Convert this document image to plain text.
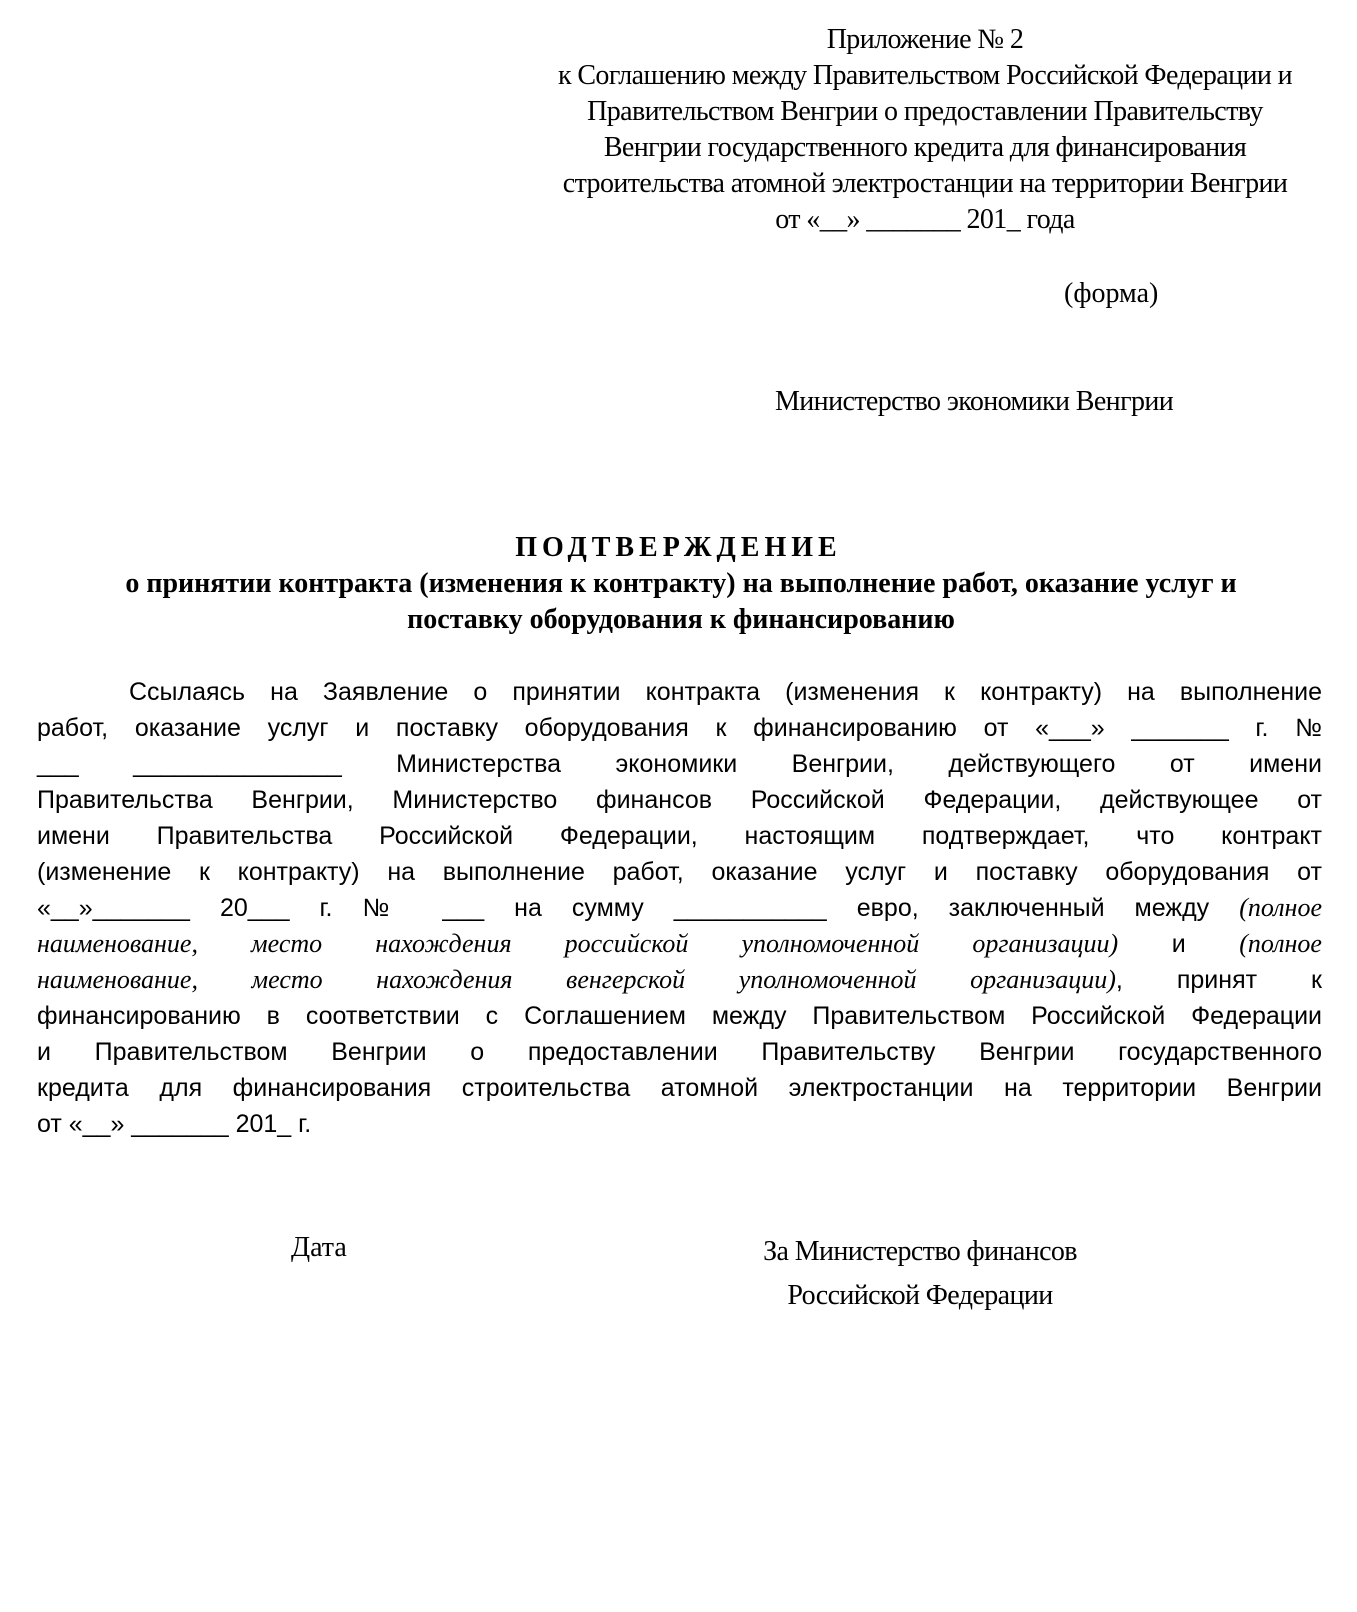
Приложение № 2
к Соглашению между Правительством Российской Федерации и
Правительством Венгрии о предоставлении Правительству
Венгрии государственного кредита для финансирования
строительства атомной электростанции на территории Венгрии
от «__» _______ 201_ года
(форма)
Министерство экономики Венгрии
ПОДТВЕРЖДЕНИЕ
о принятии контракта (изменения к контракту) на выполнение работ, оказание услуг и
поставку оборудования к финансированию
Ссылаясь на Заявление о принятии контракта (изменения к контракту) на выполнение
работ, оказание услуг и поставку оборудования к финансированию от «___» _______ г. №
___ _______________ Министерства экономики Венгрии, действующего от имени
Правительства Венгрии, Министерство финансов Российской Федерации, действующее от
имени Правительства Российской Федерации, настоящим подтверждает, что контракт
(изменение к контракту) на выполнение работ, оказание услуг и поставку оборудования от
«__»_______ 20___ г. № ___ на сумму ___________ евро, заключенный между (полное
наименование, место нахождения российской уполномоченной организации) и (полное
наименование, место нахождения венгерской уполномоченной организации), принят к
финансированию в соответствии с Соглашением между Правительством Российской Федерации
и Правительством Венгрии о предоставлении Правительству Венгрии государственного
кредита для финансирования строительства атомной электростанции на территории Венгрии
от «__» _______ 201_ г.
Дата	За Министерство финансов
Российской Федерации
